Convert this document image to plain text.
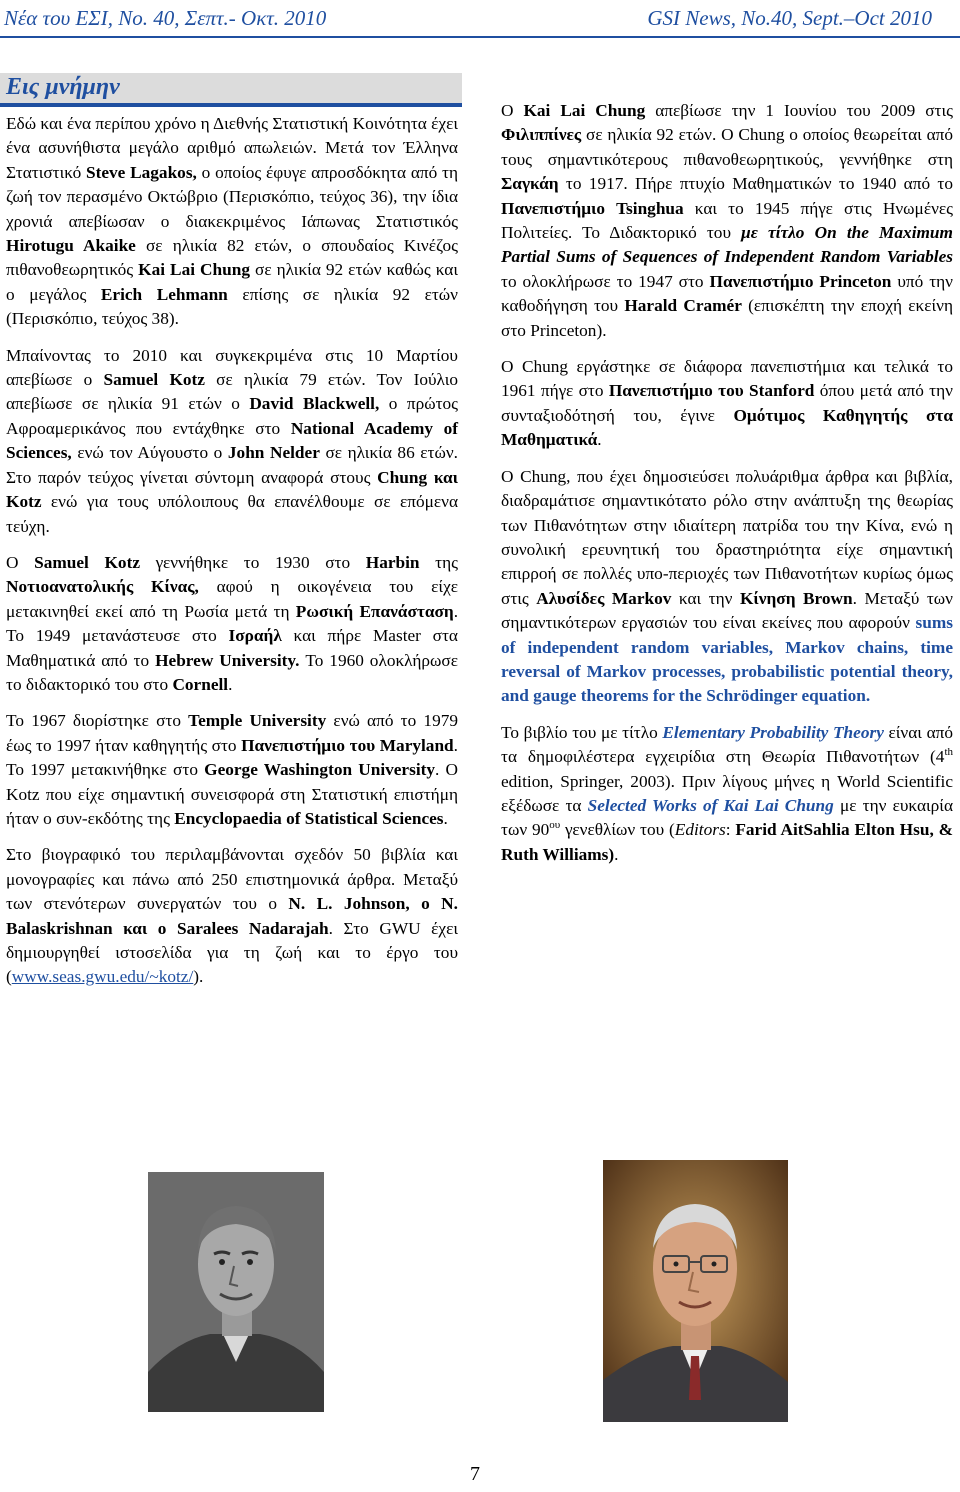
Νέα του ΕΣΙ, Νο. 40, Σεπτ.- Οκτ. 2010	GSI News, No.40, Sept.–Oct 2010
Εις μνήμην

Εδώ και ένα περίπου χρόνο η Διεθνής Στατιστική Κοινότητα έχει ένα ασυνήθιστα μεγάλο αριθμό απωλειών. Μετά τον Έλληνα Στατιστικό Steve Lagakos, ο οποίος έφυγε απροσδόκητα από τη ζωή τον περασμένο Οκτώβριο (Περισκόπιο, τεύχος 36), την ίδια χρονιά απεβίωσαν ο διακεκριμένος Ιάπωνας Στατιστικός Hirotugu Akaike σε ηλικία 82 ετών, ο σπουδαίος Κινέζος πιθανοθεωρητικός Kai Lai Chung σε ηλικία 92 ετών καθώς και ο μεγάλος Erich Lehmann επίσης σε ηλικία 92 ετών (Περισκόπιο, τεύχος 38).

Μπαίνοντας το 2010 και συγκεκριμένα στις 10 Μαρτίου απεβίωσε ο Samuel Kotz σε ηλικία 79 ετών. Τον Ιούλιο απεβίωσε σε ηλικία 91 ετών ο David Blackwell, ο πρώτος Αφροαμερικάνος που εντάχθηκε στο National Academy of Sciences, ενώ τον Αύγουστο ο John Nelder σε ηλικία 86 ετών. Στο παρόν τεύχος γίνεται σύντομη αναφορά στους Chung και Kotz ενώ για τους υπόλοιπους θα επανέλθουμε σε επόμενα τεύχη.

Ο Samuel Kotz γεννήθηκε το 1930 στο Harbin της Νοτιοανατολικής Κίνας, αφού η οικογένεια του είχε μετακινηθεί εκεί από τη Ρωσία μετά τη Ρωσική Επανάσταση. Το 1949 μετανάστευσε στο Ισραήλ και πήρε Master στα Μαθηματικά από το Hebrew University. Το 1960 ολοκλήρωσε το διδακτορικό του στο Cornell.

Το 1967 διορίστηκε στο Temple University ενώ από το 1979 έως το 1997 ήταν καθηγητής στο Πανεπιστήμιο του Maryland. Το 1997 μετακινήθηκε στο George Washington University. Ο Kotz που είχε σημαντική συνεισφορά στη Στατιστική επιστήμη ήταν ο συν-εκδότης της Encyclopaedia of Statistical Sciences.

Στο βιογραφικό του περιλαμβάνονται σχεδόν 50 βιβλία και μονογραφίες και πάνω από 250 επιστημονικά άρθρα. Μεταξύ των στενότερων συνεργατών του ο N. L. Johnson, ο N. Balaskrishnan και ο Saralees Nadarajah. Στο GWU έχει δημιουργηθεί ιστοσελίδα για τη ζωή και το έργο του (www.seas.gwu.edu/~kotz/).

Ο Kai Lai Chung απεβίωσε την 1 Ιουνίου του 2009 στις Φιλιππίνες σε ηλικία 92 ετών. Ο Chung ο οποίος θεωρείται από τους σημαντικότερους πιθανοθεωρητικούς, γεννήθηκε στη Σαγκάη το 1917. Πήρε πτυχίο Μαθηματικών το 1940 από το Πανεπιστήμιο Tsinghua και το 1945 πήγε στις Ηνωμένες Πολιτείες. Το Διδακτορικό του με τίτλο On the Maximum Partial Sums of Sequences of Independent Random Variables το ολοκλήρωσε το 1947 στο Πανεπιστήμιο Princeton υπό την καθοδήγηση του Harald Cramér (επισκέπτη την εποχή εκείνη στο Princeton).

Ο Chung εργάστηκε σε διάφορα πανεπιστήμια και τελικά το 1961 πήγε στο Πανεπιστήμιο του Stanford όπου μετά από την συνταξιοδότησή του, έγινε Ομότιμος Καθηγητής στα Μαθηματικά.

Ο Chung, που έχει δημοσιεύσει πολυάριθμα άρθρα και βιβλία, διαδραμάτισε σημαντικότατο ρόλο στην ανάπτυξη της θεωρίας των Πιθανότητων στην ιδιαίτερη πατρίδα του την Κίνα, ενώ η συνολική ερευνητική του δραστηριότητα είχε σημαντική επιρροή σε πολλές υπο-περιοχές των Πιθανοτήτων κυρίως όμως στις Αλυσίδες Markov και την Κίνηση Brown. Μεταξύ των σημαντικότερων εργασιών του είναι εκείνες που αφορούν sums of independent random variables, Markov chains, time reversal of Markov processes, probabilistic potential theory, and gauge theorems for the Schrödinger equation.

Το βιβλίο του με τίτλο Elementary Probability Theory είναι από τα δημοφιλέστερα εγχειρίδια στη Θεωρία Πιθανοτήτων (4th edition, Springer, 2003). Πριν λίγους μήνες η World Scientific εξέδωσε τα Selected Works of Kai Lai Chung με την ευκαιρία των $90^{o\upsilon}$ γενεθλίων του (Editors: Farid AitSahlia Elton Hsu, & Ruth Williams).

7
